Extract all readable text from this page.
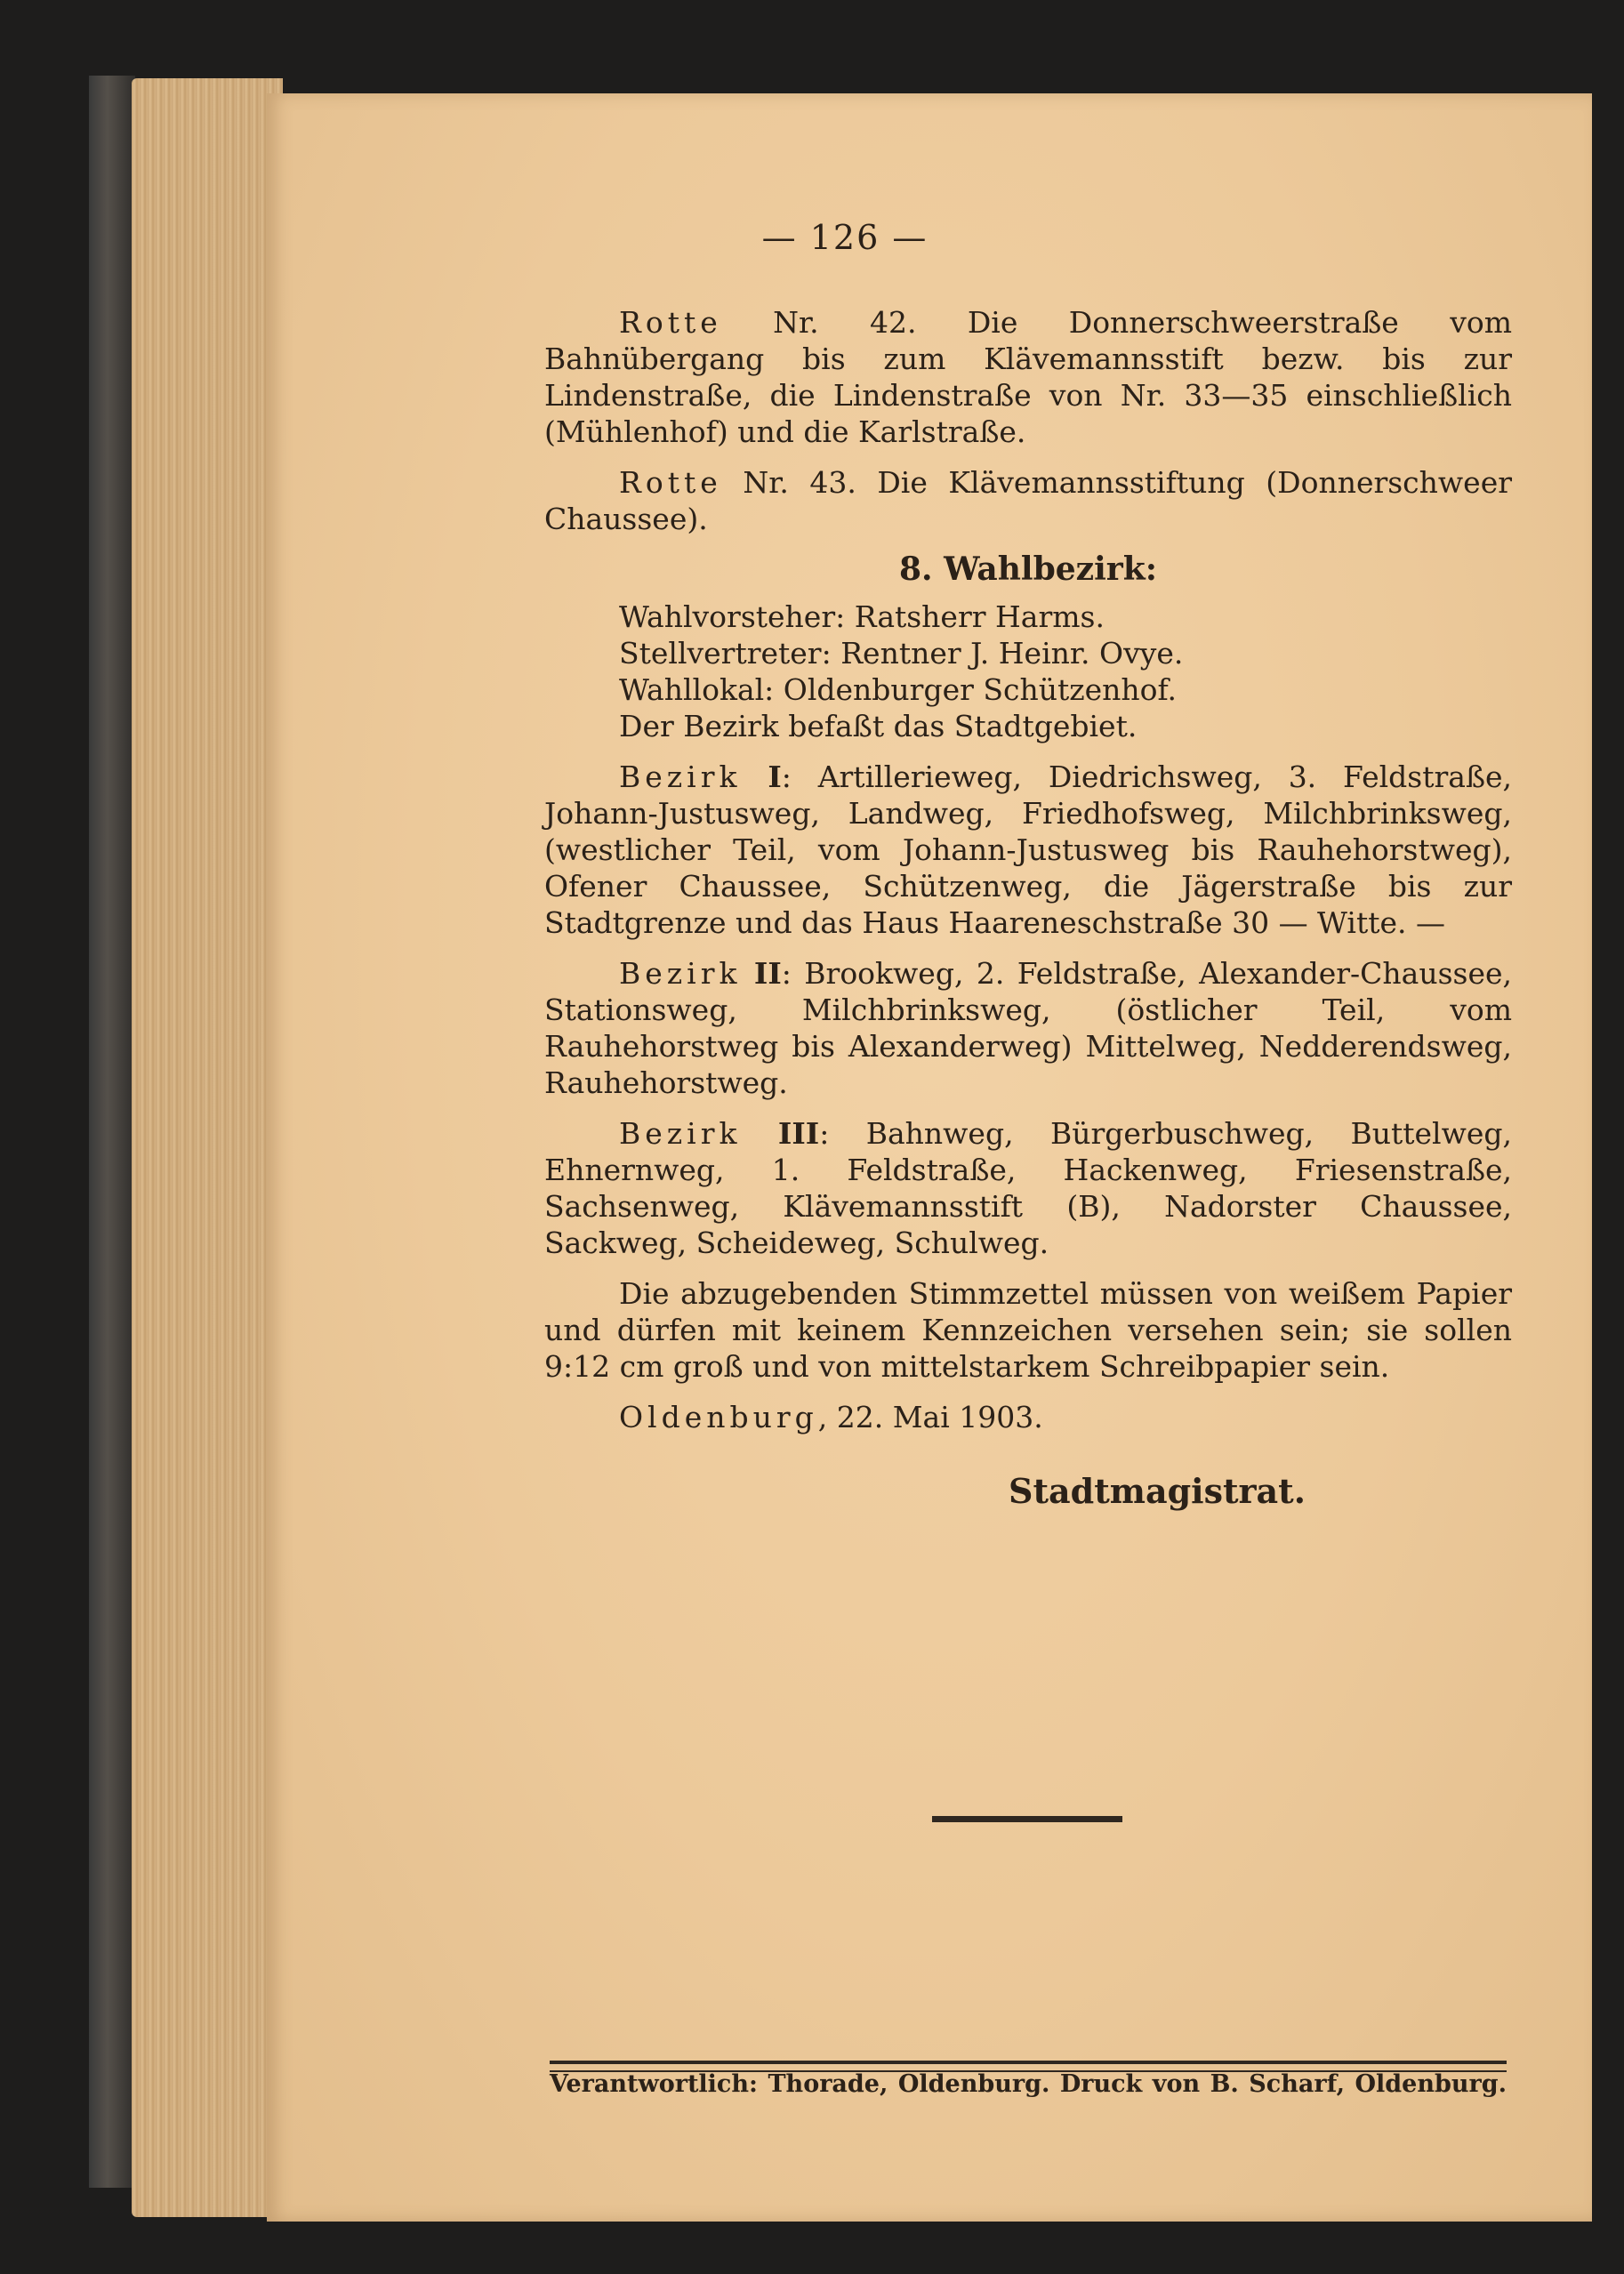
— 126 —

Rotte Nr. 42. Die Donnerschweerstraße vom Bahnübergang bis zum Klävemannsstift bezw. bis zur Lindenstraße, die Lindenstraße von Nr. 33—35 einschließlich (Mühlenhof) und die Karlstraße.

Rotte Nr. 43. Die Klävemannsstiftung (Donnerschweer Chaussee).

8. Wahlbezirk:
Wahlvorsteher: Ratsherr Harms.
Stellvertreter: Rentner J. Heinr. Ovye.
Wahllokal: Oldenburger Schützenhof.
Der Bezirk befaßt das Stadtgebiet.

Bezirk I: Artillerieweg, Diedrichsweg, 3. Feldstraße, Johann-Justusweg, Landweg, Friedhofsweg, Milchbrinksweg, (westlicher Teil, vom Johann-Justusweg bis Rauhehorstweg), Ofener Chaussee, Schützenweg, die Jägerstraße bis zur Stadtgrenze und das Haus Haareneschstraße 30 — Witte. —

Bezirk II: Brookweg, 2. Feldstraße, Alexander-Chaussee, Stationsweg, Milchbrinksweg, (östlicher Teil, vom Rauhehorstweg bis Alexanderweg) Mittelweg, Nedderendsweg, Rauhehorstweg.

Bezirk III: Bahnweg, Bürgerbuschweg, Buttelweg, Ehnernweg, 1. Feldstraße, Hackenweg, Friesenstraße, Sachsenweg, Klävemannsstift (B), Nadorster Chaussee, Sackweg, Scheideweg, Schulweg.

Die abzugebenden Stimmzettel müssen von weißem Papier und dürfen mit keinem Kennzeichen versehen sein; sie sollen 9:12 cm groß und von mittelstarkem Schreibpapier sein.

Oldenburg, 22. Mai 1903.

Stadtmagistrat.
Verantwortlich: Thorade, Oldenburg. Druck von B. Scharf, Oldenburg.
